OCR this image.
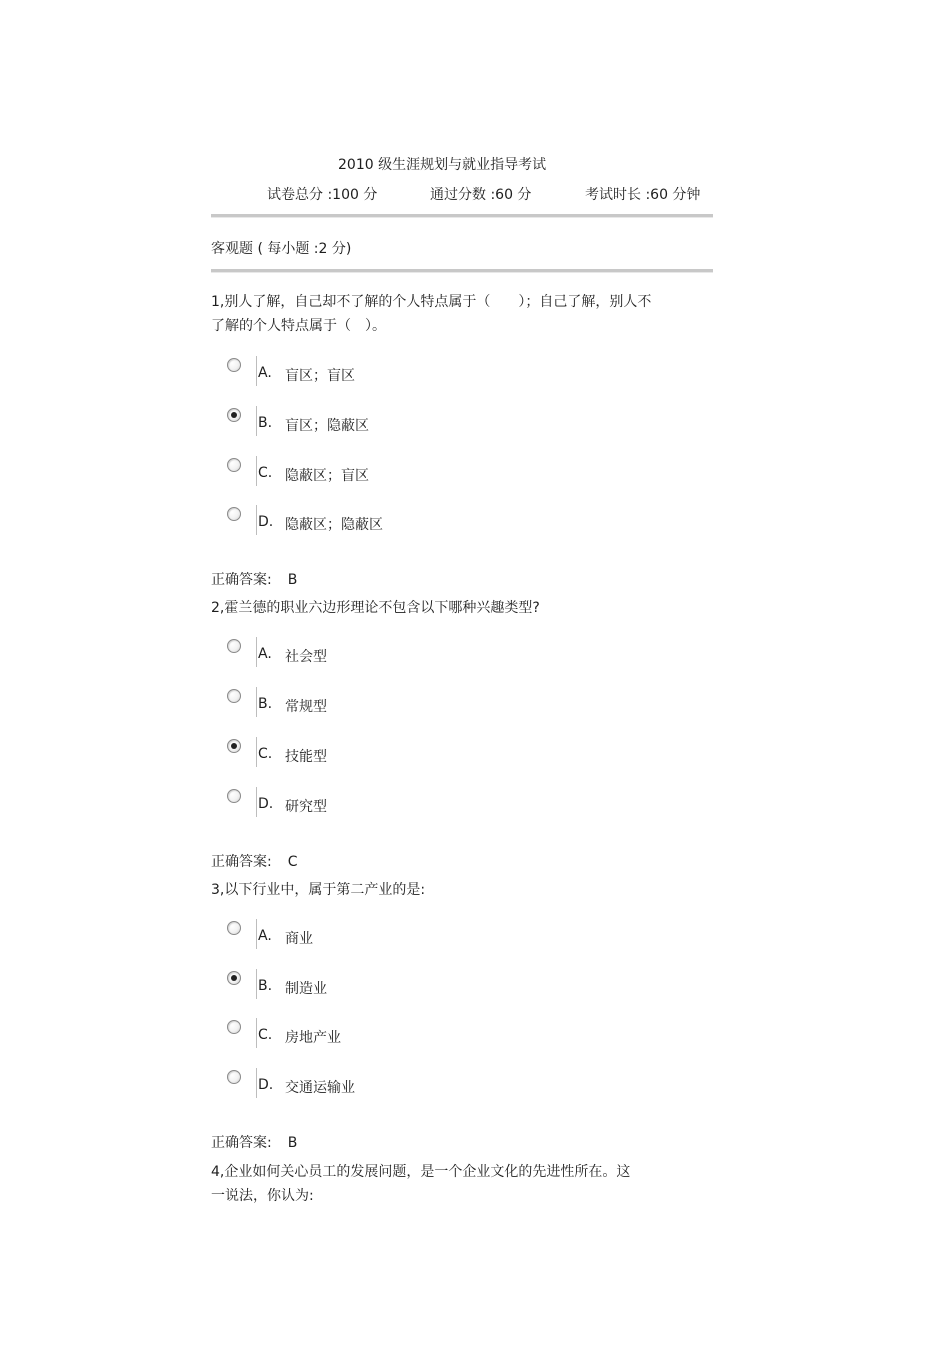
2010 级生涯规划与就业指导考试
试卷总分 :100 分	通过分数 :60 分	考试时长 :60 分钟
客观题 ( 每小题 :2 分)
1,别人了解，自己却不了解的个人特点属于（　　）；自己了解，别人不
了解的个人特点属于（　）。
A. 盲区；盲区
B. 盲区；隐蔽区
C. 隐蔽区；盲区
D. 隐蔽区；隐蔽区
正确答案: B
2,霍兰德的职业六边形理论不包含以下哪种兴趣类型?
A. 社会型
B. 常规型
C. 技能型
D. 研究型
正确答案: C
3,以下行业中，属于第二产业的是:
A. 商业
B. 制造业
C. 房地产业
D. 交通运输业
正确答案: B
4,企业如何关心员工的发展问题，是一个企业文化的先进性所在。这
一说法，你认为:
